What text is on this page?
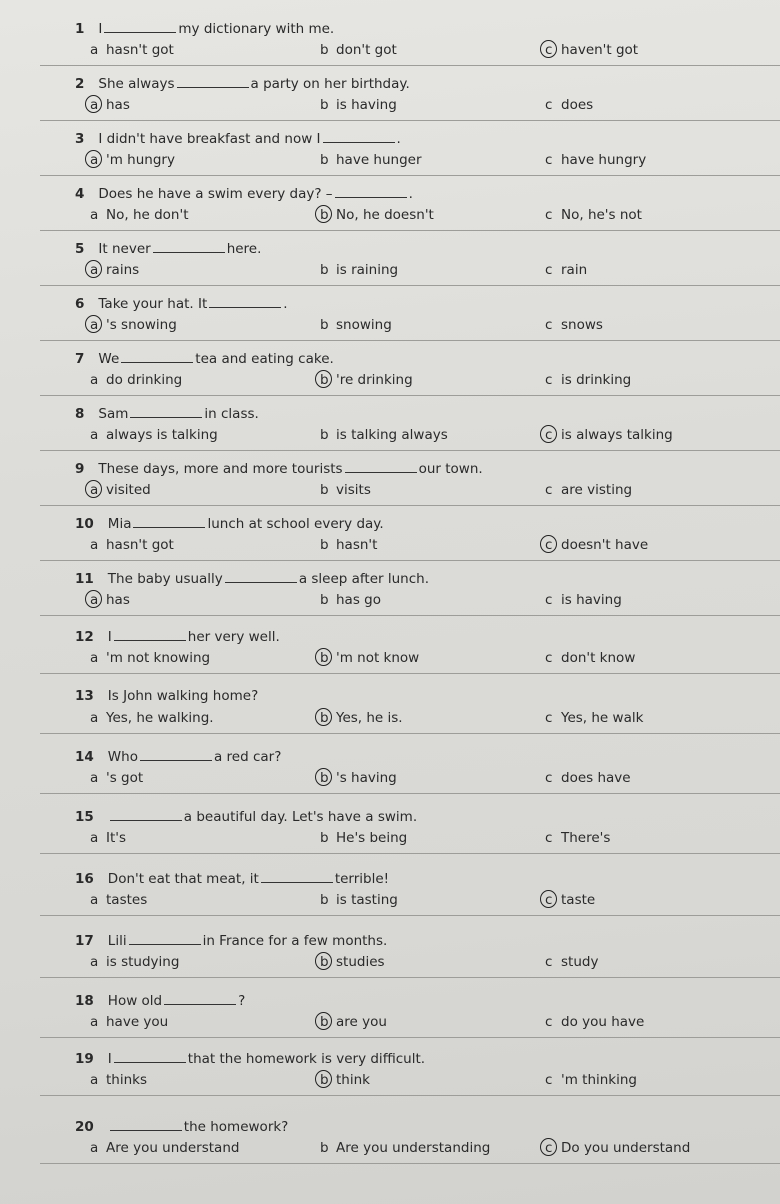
1 I	my dictionary with me.
a hasn't got	b don't got	c haven't got
2 She always	a party on her birthday.
a has	b is having	c does
3 I didn't have breakfast and now I	.
a 'm hungry	b have hunger	c have hungry
4 Does he have a swim every day? –	.
a No, he don't	b No, he doesn't	c No, he's not
5 It never	here.
a rains	b is raining	c rain
6 Take your hat. It	.
a 's snowing	b snowing	c snows
7 We	tea and eating cake.
a do drinking	b 're drinking	c is drinking
8 Sam	in class.
a always is talking	b is talking always	c is always talking
9 These days, more and more tourists	our town.
a visited	b visits	c are visting
10 Mia	lunch at school every day.
a hasn't got	b hasn't	c doesn't have
11 The baby usually	a sleep after lunch.
a has	b has go	c is having
12 I	her very well.
a 'm not knowing	b 'm not know	c don't know
13 Is John walking home?
a Yes, he walking.	b Yes, he is.	c Yes, he walk
14 Who	a red car?
a 's got	b 's having	c does have
15	a beautiful day. Let's have a swim.
a It's	b He's being	c There's
16 Don't eat that meat, it	terrible!
a tastes	b is tasting	c taste
17 Lili	in France for a few months.
a is studying	b studies	c study
18 How old	?
a have you	b are you	c do you have
19 I	that the homework is very difficult.
a thinks	b think	c 'm thinking
20	the homework?
a Are you understand	b Are you understanding	c Do you understand
